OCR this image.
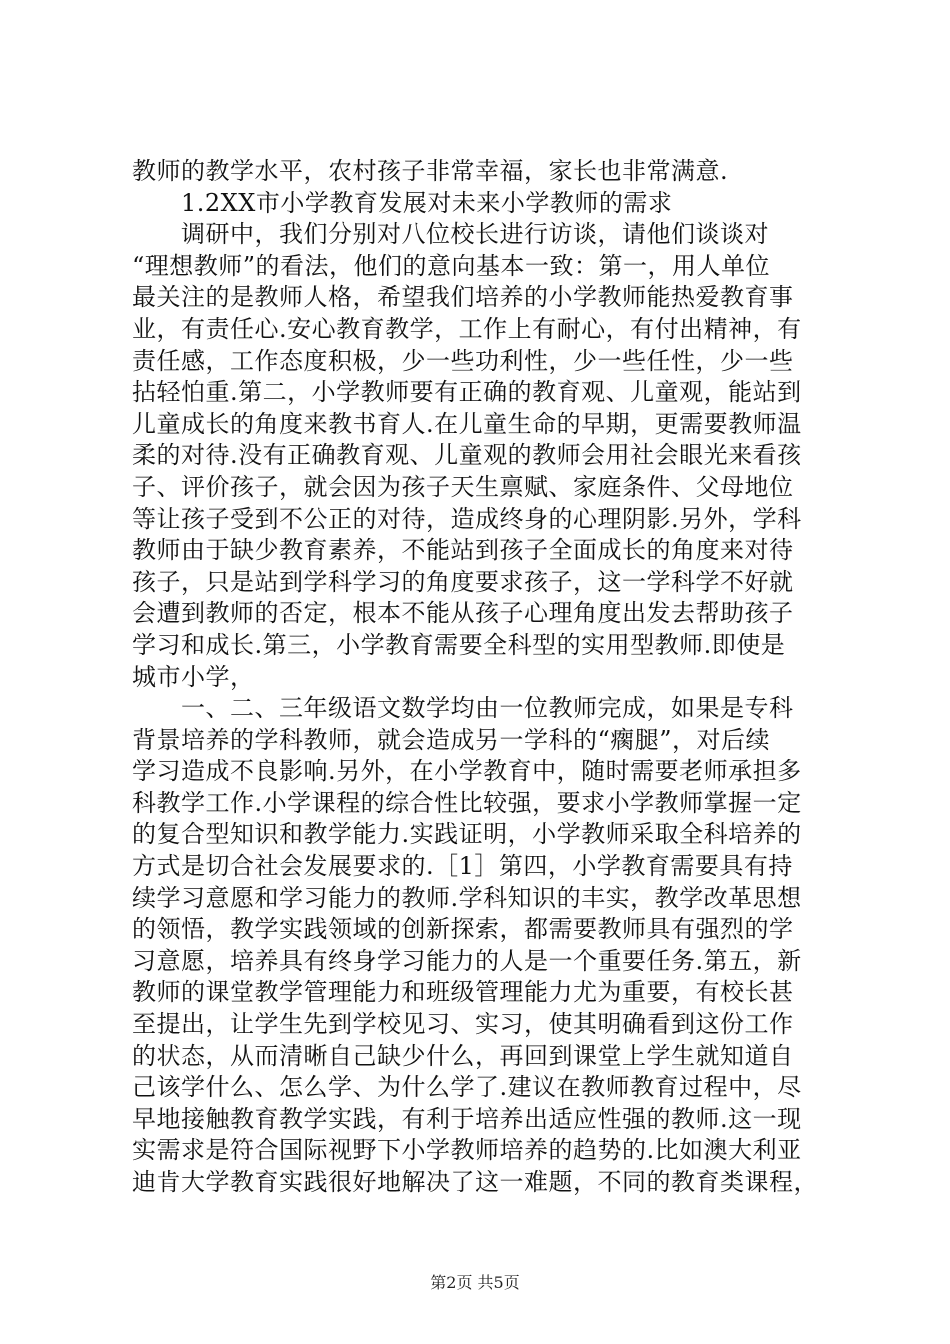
教师的教学水平，农村孩子非常幸福，家长也非常满意.
　　1.2XX市小学教育发展对未来小学教师的需求
　　调研中，我们分别对八位校长进行访谈，请他们谈谈对
“理想教师”的看法，他们的意向基本一致：第一，用人单位
最关注的是教师人格，希望我们培养的小学教师能热爱教育事
业，有责任心.安心教育教学，工作上有耐心，有付出精神，有
责任感，工作态度积极，少一些功利性，少一些任性，少一些
拈轻怕重.第二，小学教师要有正确的教育观、儿童观，能站到
儿童成长的角度来教书育人.在儿童生命的早期，更需要教师温
柔的对待.没有正确教育观、儿童观的教师会用社会眼光来看孩
子、评价孩子，就会因为孩子天生禀赋、家庭条件、父母地位
等让孩子受到不公正的对待，造成终身的心理阴影.另外，学科
教师由于缺少教育素养，不能站到孩子全面成长的角度来对待
孩子，只是站到学科学习的角度要求孩子，这一学科学不好就
会遭到教师的否定，根本不能从孩子心理角度出发去帮助孩子
学习和成长.第三，小学教育需要全科型的实用型教师.即使是
城市小学，
　　一、二、三年级语文数学均由一位教师完成，如果是专科
背景培养的学科教师，就会造成另一学科的“瘸腿”，对后续
学习造成不良影响.另外，在小学教育中，随时需要老师承担多
科教学工作.小学课程的综合性比较强，要求小学教师掌握一定
的复合型知识和教学能力.实践证明，小学教师采取全科培养的
方式是切合社会发展要求的.［1］第四，小学教育需要具有持
续学习意愿和学习能力的教师.学科知识的丰实，教学改革思想
的领悟，教学实践领域的创新探索，都需要教师具有强烈的学
习意愿，培养具有终身学习能力的人是一个重要任务.第五，新
教师的课堂教学管理能力和班级管理能力尤为重要，有校长甚
至提出，让学生先到学校见习、实习，使其明确看到这份工作
的状态，从而清晰自己缺少什么，再回到课堂上学生就知道自
己该学什么、怎么学、为什么学了.建议在教师教育过程中，尽
早地接触教育教学实践，有利于培养出适应性强的教师.这一现
实需求是符合国际视野下小学教师培养的趋势的.比如澳大利亚
迪肯大学教育实践很好地解决了这一难题，不同的教育类课程，
第2页 共5页
